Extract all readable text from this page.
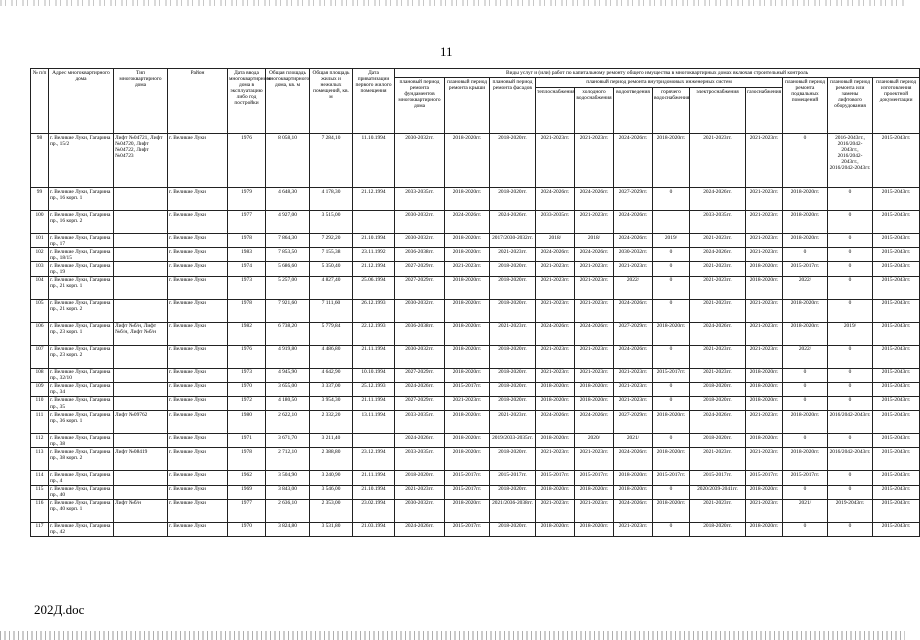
11
№ п/п	Адрес многоквартирного дома	Тип многоквартирного дома	Район	Дата ввода многоквартирного дома в эксплуатацию либо год постройки	Общая площадь многоквартирного дома, кв. м	Общая площадь жилых и нежилых помещений, кв. м	Дата приватизации первого жилого помещения	Виды услуг и (или) работ по капитальному ремонту общего имущества в многоквартирных домах включая строительный контроль											
								плановый период ремонта фундаментов многоквартирного дома	плановый период ремонта крыши	плановый период ремонта фасадов	плановый период ремонта внутридомовых инженерных систем						плановый период ремонта подвальных помещений	плановый период ремонта или замены лифтового оборудования	плановый период изготовления проектной документации
											теплоснабжения	холодного водоснабжения	водоотведения	горячего водоснабжения	электроснабжения	газоснабжения			
98	г. Великие Луки, Гагарина пр., 15/2	Лифт №04721, Лифт №04720, Лифт №04722, Лифт №04723	г. Великие Луки	1976	8 058,10	7 284,10	11.10.1994	2030-2032гг.	2018-2020гг.	2018-2020гг.	2021-2023гг.	2021-2023гг.	2024-2026гг.	2018-2020гг.	2021-2023гг.	2021-2023гг.	0	2016-2043гг., 2016/2042-2043гг., 2016/2042-2043гг., 2016/2042-2043гг.	2015-2043гг.
99	г. Великие Луки, Гагарина пр., 16 корп. 1		г. Великие Луки	1979	4 648,30	4 178,30	21.12.1994	2033-2035гг.	2018-2020гг.	2018-2020гг.	2024-2026гг.	2024-2026гг.	2027-2029гг.	0	2024-2026гг.	2021-2023гг.	2018-2020гг.	0	2015-2043гг.
100	г. Великие Луки, Гагарина пр., 16 корп. 2		г. Великие Луки	1977	4 927,00	3 515,00		2030-2032гг.	2024-2026гг.	2024-2026гг.	2033-2035гг.	2021-2023гг.	2024-2026гг.		2033-2035гг.	2021-2023гг.	2018-2020гг.	0	2015-2043гг.
101	г. Великие Луки, Гагарина пр., 17		г. Великие Луки	1978	7 864,30	7 292,20	21.10.1994	2030-2032гг.	2018-2020гг.	2017/2030-2032гг.	2018/	2018/	2024-2026гг.	2019/	2021-2023гг.	2021-2023гг.	2018-2020гг.	0	2015-2043гг.
102	г. Великие Луки, Гагарина пр., 18/15		г. Великие Луки	1983	7 853,50	7 155,38	23.11.1992	2036-2038гг.	2018-2020гг.	2021-2023гг.	2024-2026гг.	2024-2026гг.	2030-2032гг.	0	2024-2026гг.	2021-2023гг.	0	0	2015-2043гг.
103	г. Великие Луки, Гагарина пр., 19		г. Великие Луки	1974	5 686,60	5 350,40	21.12.1994	2027-2029гг.	2021-2023гг.	2018-2020гг.	2021-2023гг.	2021-2023гг.	2021-2023гг.	0	2021-2023гг.	2018-2020гг.	2015-2017гг.	0	2015-2043гг.
104	г. Великие Луки, Гагарина пр., 21 корп. 1		г. Великие Луки	1973	5 257,00	4 827,40	25.06.1994	2027-2029гг.	2018-2020гг.	2018-2020гг.	2021-2023гг.	2021-2023гг.	2022/	0	2021-2023гг.	2018-2020гг.	2022/	0	2015-2043гг.
105	г. Великие Луки, Гагарина пр., 21 корп. 2		г. Великие Луки	1978	7 921,60	7 111,60	26.12.1993	2030-2032гг.	2018-2020гг.	2018-2020гг.	2021-2023гг.	2021-2023гг.	2024-2026гг.	0	2021-2023гг.	2021-2023гг.	2018-2020гг.	0	2015-2043гг.
106	г. Великие Луки, Гагарина пр., 23 корп. 1	Лифт №б/н, Лифт №б/н, Лифт №б/н	г. Великие Луки	1982	6 738,20	5 779,84	22.12.1993	2036-2038гг.	2018-2020гг.	2021-2023гг.	2024-2026гг.	2024-2026гг.	2027-2029гг.	2018-2020гг.	2024-2026гг.	2021-2023гг.	2018-2020гг.	2019/	2015-2043гг.
107	г. Великие Луки, Гагарина пр., 23 корп. 2		г. Великие Луки	1976	4 919,80	4 486,80	21.11.1994	2030-2032гг.	2018-2020гг.	2018-2020гг.	2021-2023гг.	2021-2023гг.	2024-2026гг.	0	2021-2023гг.	2021-2023гг.	2022/	0	2015-2043гг.
108	г. Великие Луки, Гагарина пр., 32/10		г. Великие Луки	1973	4 945,90	4 642,90	10.10.1994	2027-2029гг.	2018-2020гг.	2018-2020гг.	2021-2023гг.	2021-2023гг.	2021-2023гг.	2015-2017гг.	2021-2023гг.	2018-2020гг.	0	0	2015-2043гг.
109	г. Великие Луки, Гагарина пр., 34		г. Великие Луки	1970	3 655,00	3 337,00	25.12.1993	2024-2026гг.	2015-2017гг.	2018-2020гг.	2018-2020гг.	2018-2020гг.	2021-2023гг.	0	2018-2020гг.	2018-2020гг.	0	0	2015-2043гг.
110	г. Великие Луки, Гагарина пр., 35		г. Великие Луки	1972	4 180,50	3 954,30	21.11.1994	2027-2029гг.	2021-2023гг.	2018-2020гг.	2018-2020гг.	2018-2020гг.	2021-2023гг.	0	2018-2020гг.	2018-2020гг.	0	0	2015-2043гг.
111	г. Великие Луки, Гагарина пр., 36 корп. 1	Лифт №09762	г. Великие Луки	1980	2 622,10	2 332,20	13.11.1994	2033-2035гг.	2018-2020гг.	2021-2023гг.	2024-2026гг.	2024-2026гг.	2027-2029гг.	2018-2020гг.	2024-2026гг.	2021-2023гг.	2018-2020гг.	2016/2042-2043гг.	2015-2043гг.
112	г. Великие Луки, Гагарина пр., 38		г. Великие Луки	1971	3 671,70	3 211,40		2024-2026гг.	2018-2020гг.	2019/2033-2035гг.	2018-2020гг.	2020/	2021/	0	2018-2020гг.	2018-2020гг.	0	0	2015-2043гг.
113	г. Великие Луки, Гагарина пр., 38 корп. 2	Лифт №08419	г. Великие Луки	1978	2 712,10	2 388,80	23.12.1994	2033-2035гг.	2018-2020гг.	2018-2020гг.	2021-2023гг.	2021-2023гг.	2024-2026гг.	2018-2020гг.	2021-2023гг.	2021-2023гг.	2018-2020гг.	2016/2042-2043гг.	2015-2043гг.
114	г. Великие Луки, Гагарина пр., 4		г. Великие Луки	1962	3 504,90	3 240,90	21.11.1994	2018-2020гг.	2015-2017гг.	2015-2017гг.	2015-2017гг.	2015-2017гг.	2018-2020гг.	2015-2017гг.	2015-2017гг.	2015-2017гг.	2015-2017гг.	0	2015-2043гг.
115	г. Великие Луки, Гагарина пр., 40		г. Великие Луки	1969	3 843,00	3 546,00	21.10.1994	2021-2023гг.	2015-2017гг.	2018-2020гг.	2018-2020гг.	2018-2020гг.	2018-2020гг.	0	2020/2039-2041гг.	2018-2020гг.	0	0	2015-2043гг.
116	г. Великие Луки, Гагарина пр., 40 корп. 1	Лифт №б/н	г. Великие Луки	1977	2 636,10	2 353,00	23.02.1994	2030-2032гг.	2018-2020гг.	2021/2036-2038гг.	2021-2023гг.	2021-2023гг.	2024-2026гг.	2018-2020гг.	2021-2023гг.	2021-2023гг.	2021/	2019-2043гг.	2015-2043гг.
117	г. Великие Луки, Гагарина пр., 42		г. Великие Луки	1970	3 824,80	3 531,80	21.03.1994	2024-2026гг.	2015-2017гг.	2018-2020гг.	2018-2020гг.	2018-2020гг.	2021-2023гг.	0	2018-2020гг.	2018-2020гг.	0	0	2015-2043гг.
202Д.doc
